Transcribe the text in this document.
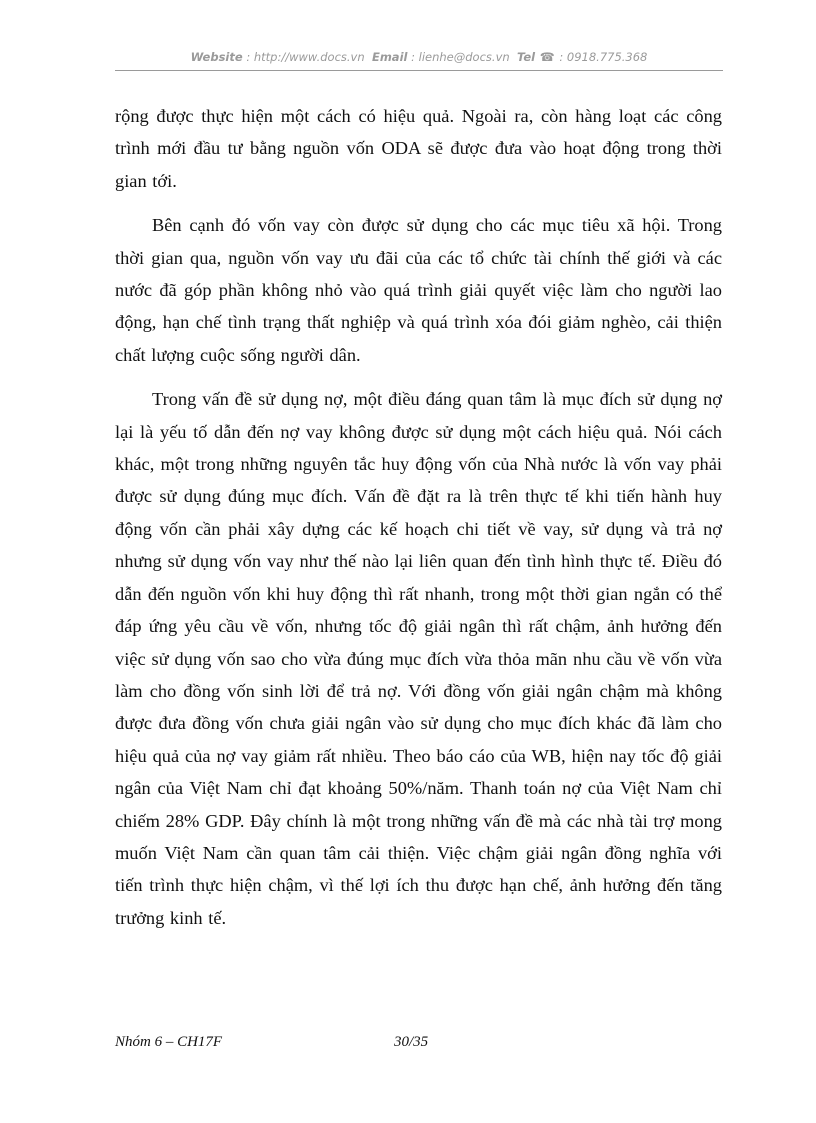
Website : http://www.docs.vn Email : lienhe@docs.vn Tel ☎ : 0918.775.368

rộng được thực hiện một cách có hiệu quả. Ngoài ra, còn hàng loạt các công trình mới đầu tư bằng nguồn vốn ODA sẽ được đưa vào hoạt động trong thời gian tới.

Bên cạnh đó vốn vay còn được sử dụng cho các mục tiêu xã hội. Trong thời gian qua, nguồn vốn vay ưu đãi của các tổ chức tài chính thế giới và các nước đã góp phần không nhỏ vào quá trình giải quyết việc làm cho người lao động, hạn chế tình trạng thất nghiệp và quá trình xóa đói giảm nghèo, cải thiện chất lượng cuộc sống người dân.

Trong vấn đề sử dụng nợ, một điều đáng quan tâm là mục đích sử dụng nợ lại là yếu tố dẫn đến nợ vay không được sử dụng một cách hiệu quả. Nói cách khác, một trong những nguyên tắc huy động vốn của Nhà nước là vốn vay phải được sử dụng đúng mục đích. Vấn đề đặt ra là trên thực tế khi tiến hành huy động vốn cần phải xây dựng các kế hoạch chi tiết về vay, sử dụng và trả nợ nhưng sử dụng vốn vay như thế nào lại liên quan đến tình hình thực tế. Điều đó dẫn đến nguồn vốn khi huy động thì rất nhanh, trong một thời gian ngắn có thể đáp ứng yêu cầu về vốn, nhưng tốc độ giải ngân thì rất chậm, ảnh hưởng đến việc sử dụng vốn sao cho vừa đúng mục đích vừa thỏa mãn nhu cầu về vốn vừa làm cho đồng vốn sinh lời để trả nợ. Với đồng vốn giải ngân chậm mà không được đưa đồng vốn chưa giải ngân vào sử dụng cho mục đích khác đã làm cho hiệu quả của nợ vay giảm rất nhiều. Theo báo cáo của WB, hiện nay tốc độ giải ngân của Việt Nam chỉ đạt khoảng 50%/năm. Thanh toán nợ của Việt Nam chỉ chiếm 28% GDP. Đây chính là một trong những vấn đề mà các nhà tài trợ mong muốn Việt Nam cần quan tâm cải thiện. Việc chậm giải ngân đồng nghĩa với tiến trình thực hiện chậm, vì thế lợi ích thu được hạn chế, ảnh hưởng đến tăng trưởng kinh tế.

Nhóm 6 – CH17F	30/35
